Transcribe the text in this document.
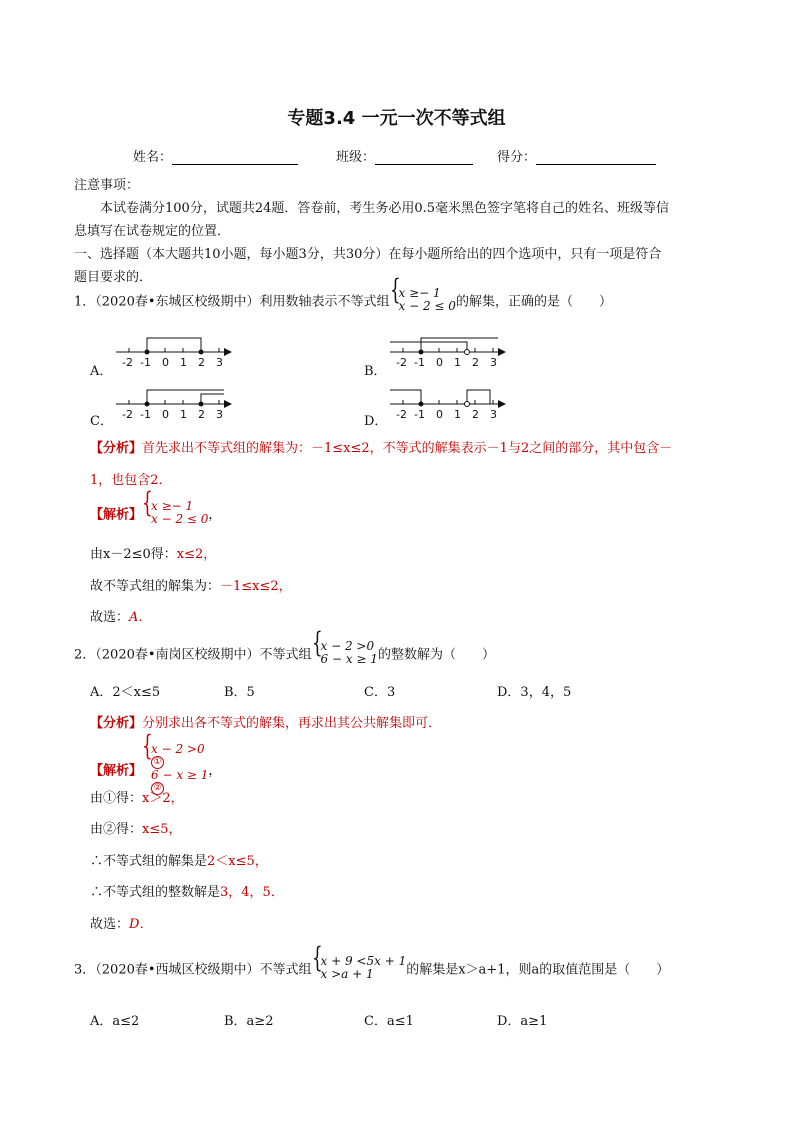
专题3.4 一元一次不等式组
姓名：	班级：	得分：
注意事项：
本试卷满分100分，试题共24题．答卷前，考生务必用0.5毫米黑色签字笔将自己的姓名、班级等信
息填写在试卷规定的位置．
一、选择题（本大题共10小题，每小题3分，共30分）在每小题所给出的四个选项中，只有一项是符合
题目要求的．
1．（2020春•东城区校级期中）利用数轴表示不等式组
{ x ≥− 1
x − 2 ≤ 0 的解集，正确的是（　　）
A．	B．
C．	D．
-2 -1 0 1 2 3	-2 -1 0 1 2 3
-2 -1 0 1 2 3	-2 -1 0 1 2 3
【分析】首先求出不等式组的解集为：－1≤x≤2，不等式的解集表示－1与2之间的部分，其中包含－
1，也包含2．
【解析】
{ x ≥− 1
x − 2 ≤ 0 ，
由x－2≤0得：x≤2，
故不等式组的解集为：－1≤x≤2，
故选：A．
2．（2020春•南岗区校级期中）不等式组
{ x − 2 >0
6 − x ≥ 1 的整数解为（　　）
A．2＜x≤5	B．5	C．3	D．3，4，5
【分析】分别求出各不等式的解集，再求出其公共解集即可．
【解析】
{ x − 2 >0
①
6 − x ≥ 1
②
，
由①得：x＞2，
由②得：x≤5，
∴不等式组的解集是2＜x≤5，
∴不等式组的整数解是3，4，5．
故选：D．
3．（2020春•西城区校级期中）不等式组
{ x + 9 <5x + 1
x >a + 1	的解集是x＞a+1，则a的取值范围是（　　）
A．a≤2	B．a≥2	C．a≤1	D．a≥1
